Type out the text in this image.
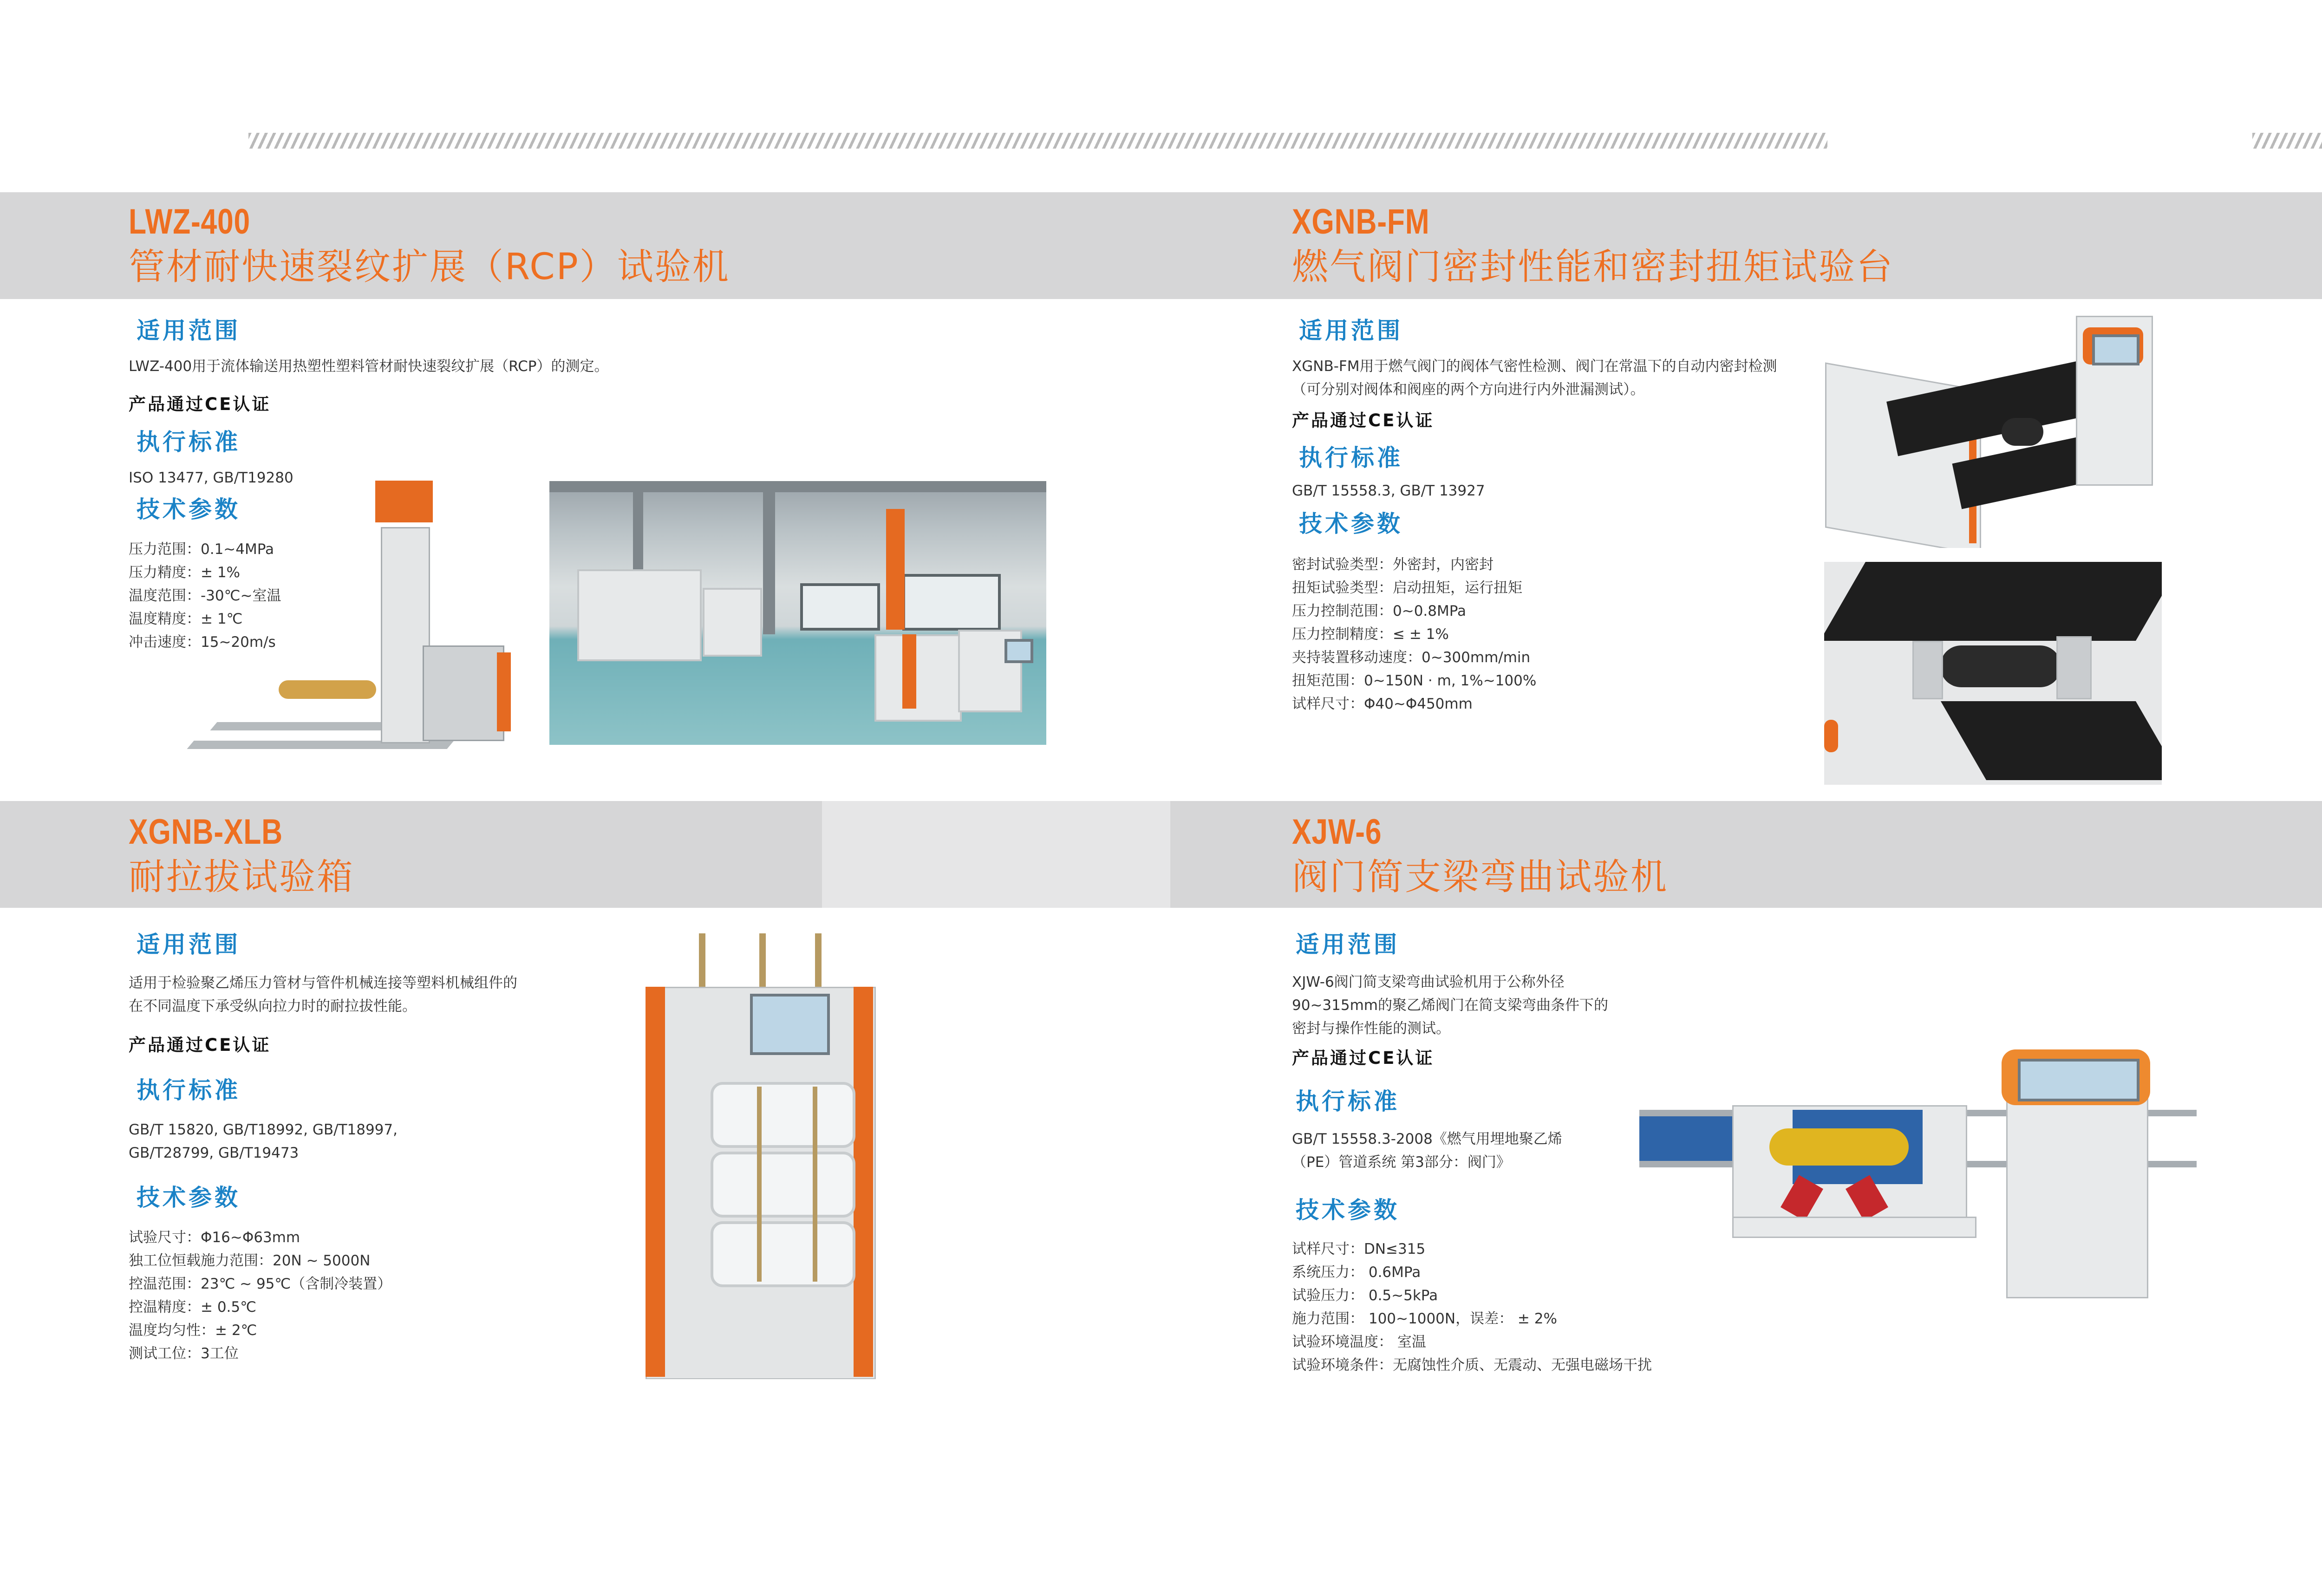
LWZ-400
管材耐快速裂纹扩展（RCP）试验机
适用范围
LWZ-400用于流体输送用热塑性塑料管材耐快速裂纹扩展（RCP）的测定。
产品通过CE认证
执行标准
ISO 13477, GB/T19280
技术参数
压力范围：0.1~4MPa
压力精度：± 1%
温度范围：-30℃~室温
温度精度：± 1℃
冲击速度：15~20m/s
XGNB-FM
燃气阀门密封性能和密封扭矩试验台
适用范围
XGNB-FM用于燃气阀门的阀体气密性检测、阀门在常温下的自动内密封检测
（可分别对阀体和阀座的两个方向进行内外泄漏测试）。
产品通过CE认证
执行标准
GB/T 15558.3, GB/T 13927
技术参数
密封试验类型：外密封，内密封
扭矩试验类型：启动扭矩，运行扭矩
压力控制范围：0~0.8MPa
压力控制精度：≤ ± 1%
夹持装置移动速度：0~300mm/min
扭矩范围：0~150N · m, 1%~100%
试样尺寸：Φ40~Φ450mm
XGNB-XLB
耐拉拔试验箱
适用范围
适用于检验聚乙烯压力管材与管件机械连接等塑料机械组件的
在不同温度下承受纵向拉力时的耐拉拔性能。
产品通过CE认证
执行标准
GB/T 15820, GB/T18992, GB/T18997,
GB/T28799, GB/T19473
技术参数
试验尺寸：Φ16~Φ63mm
独工位恒载施力范围：20N ~ 5000N
控温范围：23℃ ~ 95℃（含制冷装置）
控温精度：± 0.5℃
温度均匀性：± 2℃
测试工位：3工位
XJW-6
阀门简支梁弯曲试验机
适用范围
XJW-6阀门简支梁弯曲试验机用于公称外径
90~315mm的聚乙烯阀门在简支梁弯曲条件下的
密封与操作性能的测试。
产品通过CE认证
执行标准
GB/T 15558.3-2008《燃气用埋地聚乙烯
（PE）管道系统 第3部分：阀门》
技术参数
试样尺寸：DN≤315
系统压力： 0.6MPa
试验压力： 0.5~5kPa
施力范围： 100~1000N，误差： ± 2%
试验环境温度： 室温
试验环境条件：无腐蚀性介质、无震动、无强电磁场干扰
